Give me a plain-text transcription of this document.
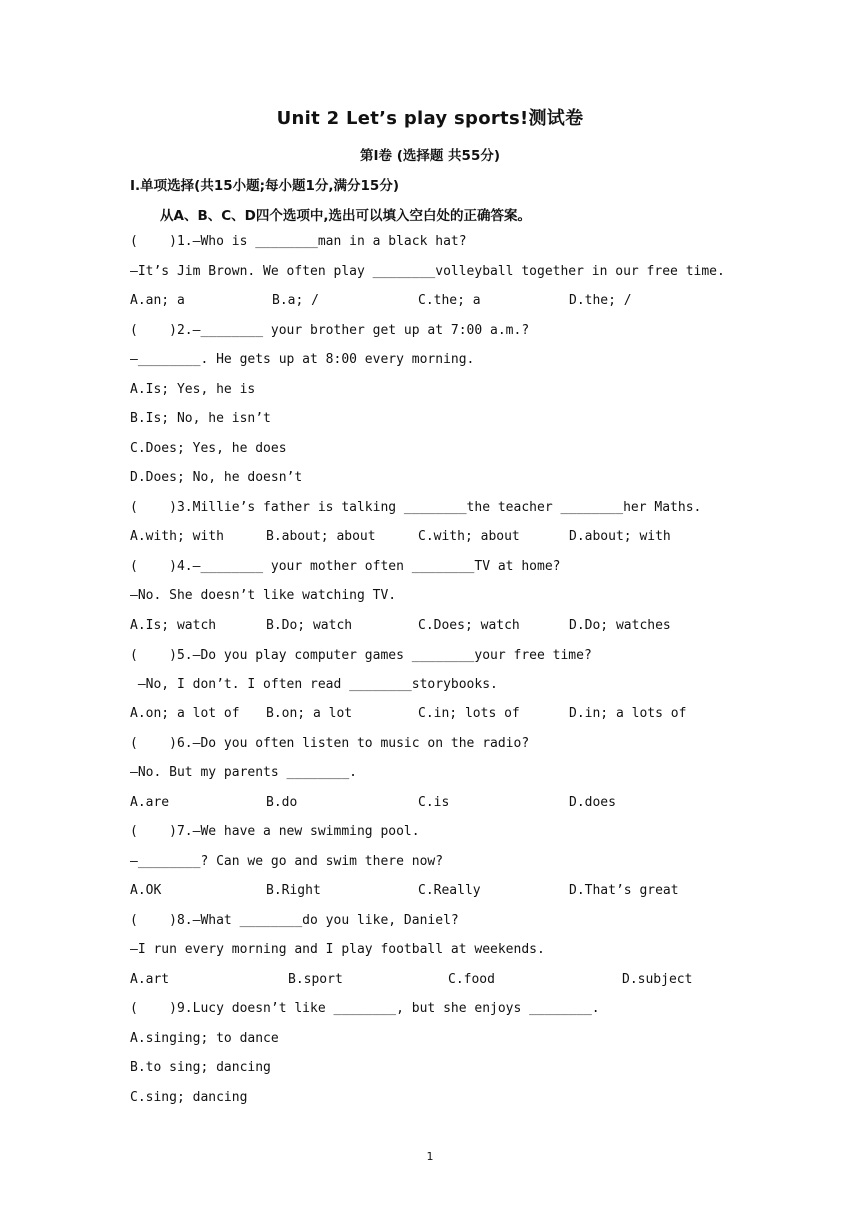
Unit 2 Let’s play sports!测试卷
第Ⅰ卷 (选择题 共55分)
Ⅰ.单项选择(共15小题;每小题1分,满分15分)
从A、B、C、D四个选项中,选出可以填入空白处的正确答案。
(    )1.—Who is ________man in a black hat?
—It’s Jim Brown. We often play ________volleyball together in our free time.
A.an; a	B.a; /	C.the; a	D.the; /
(    )2.—________ your brother get up at 7:00 a.m.?
—________. He gets up at 8:00 every morning.
A.Is; Yes, he is
B.Is; No, he isn’t
C.Does; Yes, he does
D.Does; No, he doesn’t
(    )3.Millie’s father is talking ________the teacher ________her Maths.
A.with; with	B.about; about	C.with; about	D.about; with
(    )4.—________ your mother often ________TV at home?
—No. She doesn’t like watching TV.
A.Is; watch	B.Do; watch	C.Does; watch	D.Do; watches
(    )5.—Do you play computer games ________your free time?
—No, I don’t. I often read ________storybooks.
A.on; a lot of B.on; a lot	C.in; lots of	D.in; a lots of
(    )6.—Do you often listen to music on the radio?
—No. But my parents ________.
A.are	B.do	C.is	D.does
(    )7.—We have a new swimming pool.
—________? Can we go and swim there now?
A.OK	B.Right	C.Really	D.That’s great
(    )8.—What ________do you like, Daniel?
—I run every morning and I play football at weekends.
A.art	B.sport	C.food	D.subject
(    )9.Lucy doesn’t like ________, but she enjoys ________.
A.singing; to dance
B.to sing; dancing
C.sing; dancing
1
